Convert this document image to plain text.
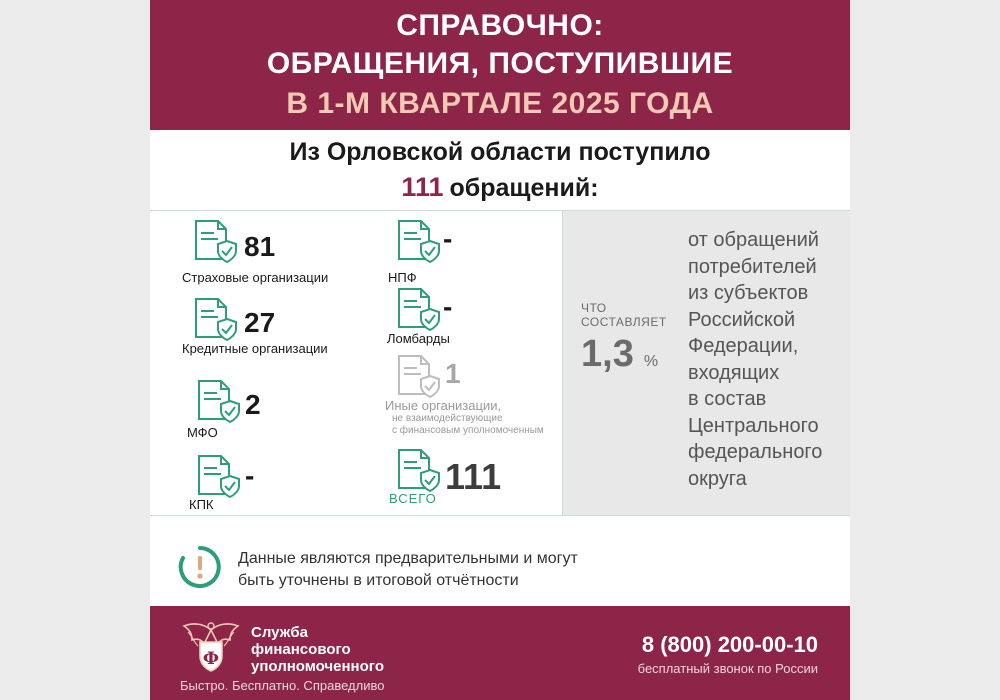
СПРАВОЧНО:
ОБРАЩЕНИЯ, ПОСТУПИВШИЕ
В 1-М КВАРТАЛЕ 2025 ГОДА
Из Орловской области поступило
111 обращений:
81
Страховые организации
27
Кредитные организации
2
МФО
-
КПК
-
НПФ
-
Ломбарды
1
Иные организации,
не взаимодействующие
с финансовым уполномоченным
111
ВСЕГО
ЧТО
СОСТАВЛЯЕТ
1,3 %
от обращений
потребителей
из субъектов
Российской
Федерации,
входящих
в состав
Центрального
федерального
округа
Данные являются предварительными и могут
быть уточнены в итоговой отчётности
Ф
Служба
финансового
уполномоченного
Быстро. Бесплатно. Справедливо
8 (800) 200-00-10
бесплатный звонок по России
